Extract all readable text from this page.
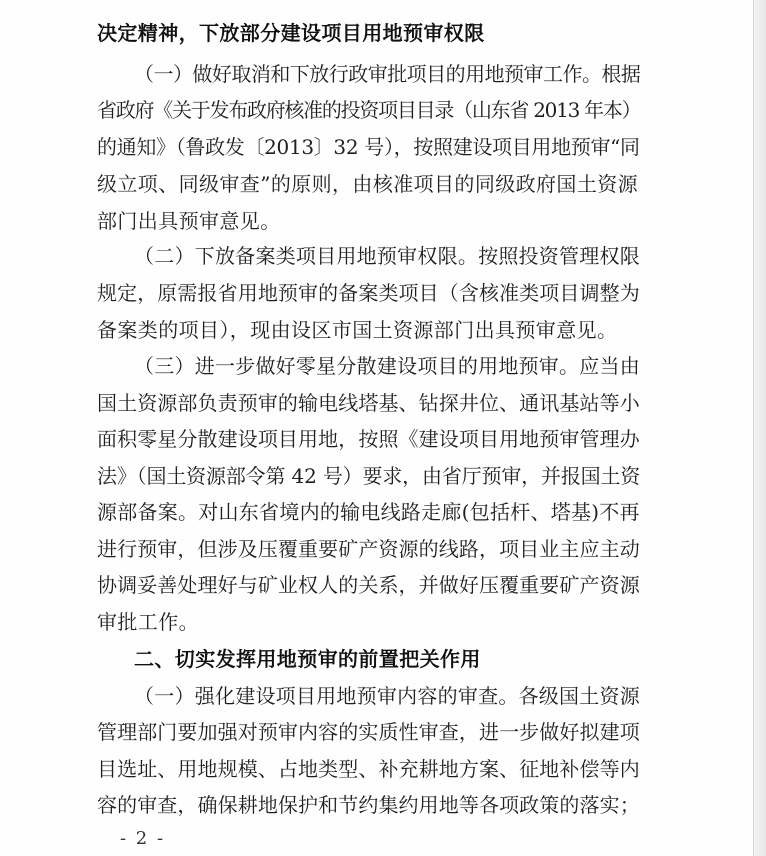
决定精神，下放部分建设项目用地预审权限
（一）做好取消和下放行政审批项目的用地预审工作。根据
省政府《关于发布政府核准的投资项目目录（山东省 2013 年本）
的通知》（鲁政发〔2013〕32 号），按照建设项目用地预审“同
级立项、同级审查”的原则，由核准项目的同级政府国土资源
部门出具预审意见。
（二）下放备案类项目用地预审权限。按照投资管理权限
规定，原需报省用地预审的备案类项目（含核准类项目调整为
备案类的项目），现由设区市国土资源部门出具预审意见。
（三）进一步做好零星分散建设项目的用地预审。应当由
国土资源部负责预审的输电线塔基、钻探井位、通讯基站等小
面积零星分散建设项目用地，按照《建设项目用地预审管理办
法》（国土资源部令第 42 号）要求，由省厅预审，并报国土资
源部备案。对山东省境内的输电线路走廊(包括杆、塔基)不再
进行预审，但涉及压覆重要矿产资源的线路，项目业主应主动
协调妥善处理好与矿业权人的关系，并做好压覆重要矿产资源
审批工作。
二、切实发挥用地预审的前置把关作用
（一）强化建设项目用地预审内容的审查。各级国土资源
管理部门要加强对预审内容的实质性审查，进一步做好拟建项
目选址、用地规模、占地类型、补充耕地方案、征地补偿等内
容的审查，确保耕地保护和节约集约用地等各项政策的落实；
- 2 -
